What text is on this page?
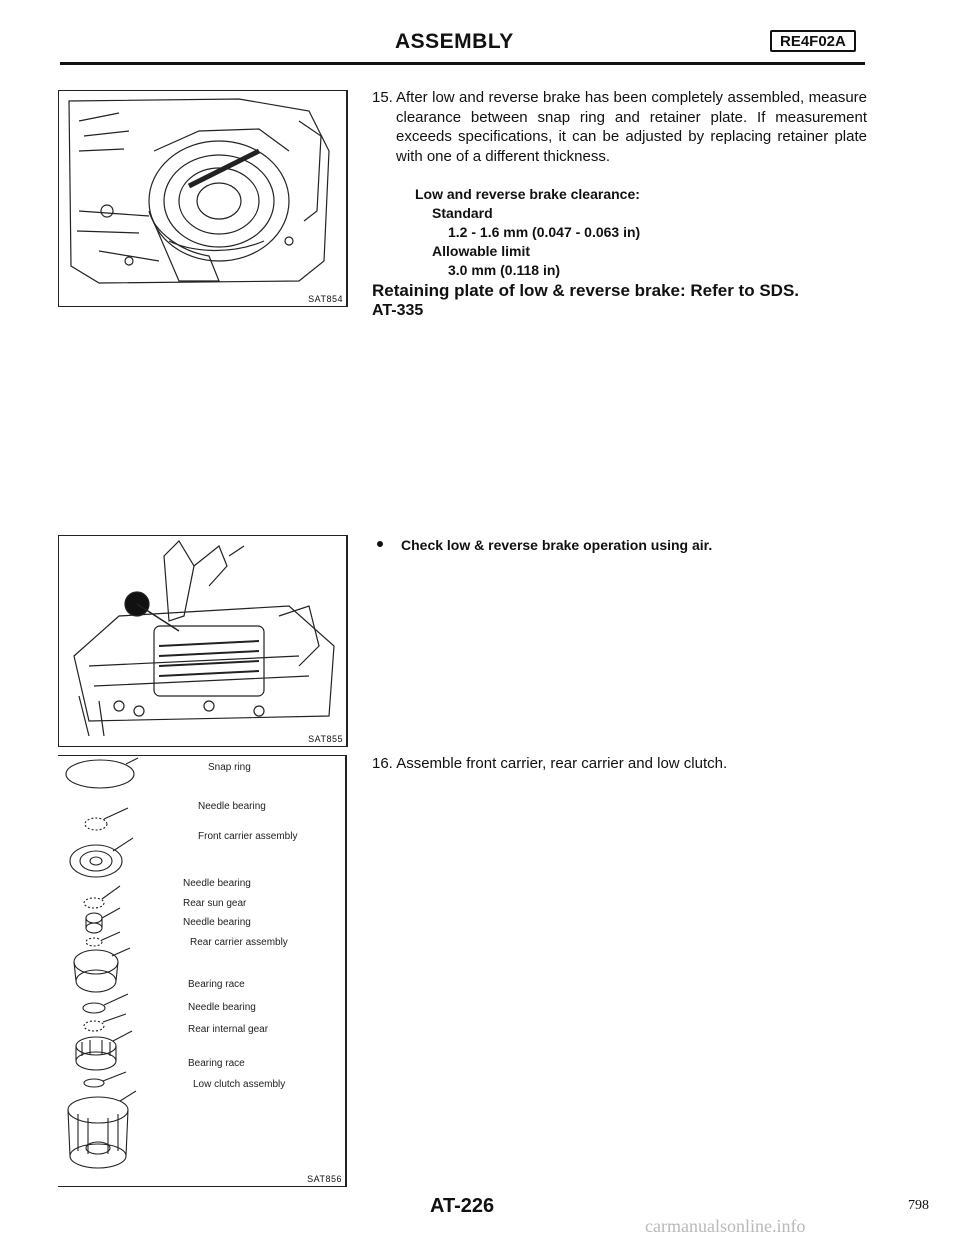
ASSEMBLY	RE4F02A
SAT854
15. After low and reverse brake has been completely assembled, measure clearance between snap ring and retainer plate. If measurement exceeds specifications, it can be adjusted by replacing retainer plate with one of a different thickness.
Low and reverse brake clearance:
Standard
1.2 - 1.6 mm (0.047 - 0.063 in)
Allowable limit
3.0 mm (0.118 in)
Retaining plate of low & reverse brake: Refer to SDS.
AT-335
SAT855
Check low & reverse brake operation using air.
Snap ring
Needle bearing
Front carrier assembly
Needle bearing
Rear sun gear
Needle bearing
Rear carrier assembly
Bearing race
Needle bearing
Rear internal gear
Bearing race
Low clutch assembly
SAT856
16. Assemble front carrier, rear carrier and low clutch.
AT-226	798
carmanualsonline.info
